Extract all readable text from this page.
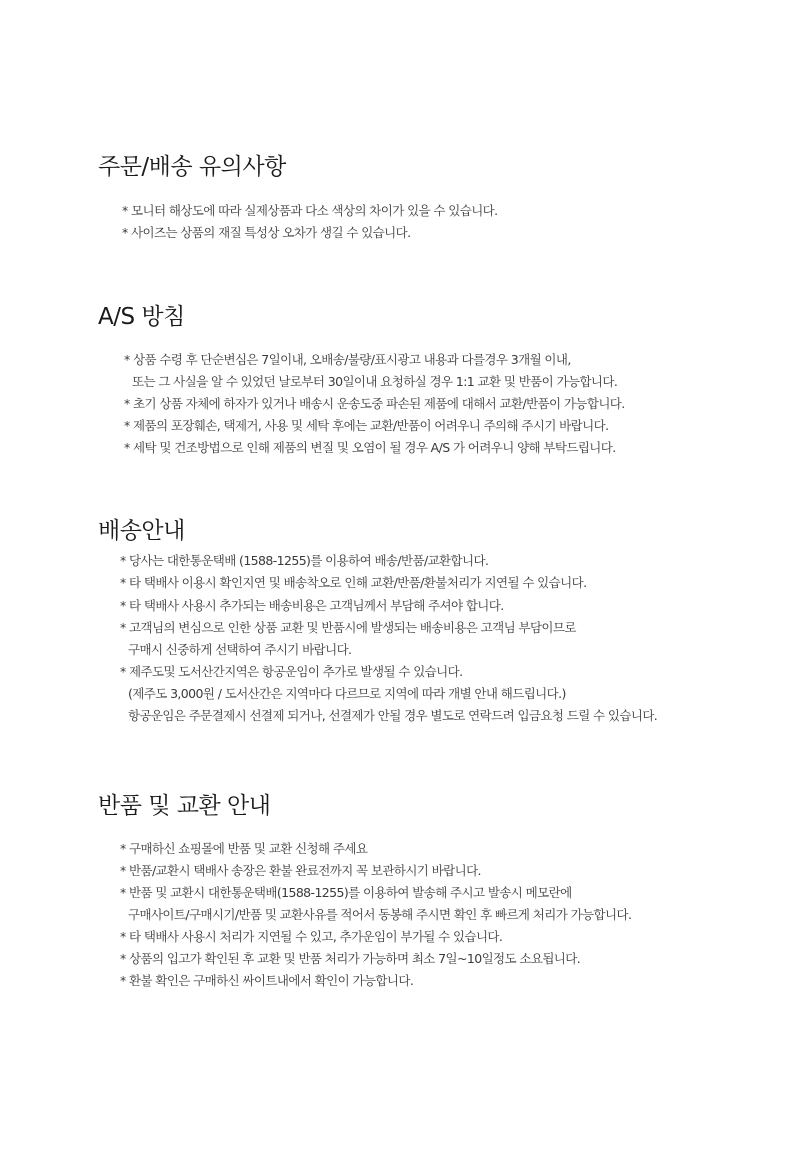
주문/배송 유의사항

* 모니터 해상도에 따라 실제상품과 다소 색상의 차이가 있을 수 있습니다.

* 사이즈는 상품의 재질 특성상 오차가 생길 수 있습니다.

A/S 방침

* 상품 수령 후 단순변심은 7일이내, 오배송/불량/표시광고 내용과 다를경우 3개월 이내,

또는 그 사실을 알 수 있었던 날로부터 30일이내 요청하실 경우 1:1 교환 및 반품이 가능합니다.

* 초기 상품 자체에 하자가 있거나 배송시 운송도중 파손된 제품에 대해서 교환/반품이 가능합니다.

* 제품의 포장훼손, 택제거, 사용 및 세탁 후에는 교환/반품이 어려우니 주의해 주시기 바랍니다.

* 세탁 및 건조방법으로 인해 제품의 변질 및 오염이 될 경우 A/S 가 어려우니 양해 부탁드립니다.

배송안내

* 당사는 대한통운택배 (1588-1255)를 이용하여 배송/반품/교환합니다.

* 타 택배사 이용시 확인지연 및 배송착오로 인해 교환/반품/환불처리가 지연될 수 있습니다.

* 타 택배사 사용시 추가되는 배송비용은 고객님께서 부담해 주셔야 합니다.

* 고객님의 변심으로 인한 상품 교환 및 반품시에 발생되는 배송비용은 고객님 부담이므로

구매시 신중하게 선택하여 주시기 바랍니다.

* 제주도및 도서산간지역은 항공운임이 추가로 발생될 수 있습니다.

(제주도 3,000원 / 도서산간은 지역마다 다르므로 지역에 따라 개별 안내 해드립니다.)

항공운임은 주문결제시 선결제 되거나, 선결제가 안될 경우 별도로 연락드려 입금요청 드릴 수 있습니다.

반품 및 교환 안내

* 구매하신 쇼핑몰에 반품 및 교환 신청해 주세요

* 반품/교환시 택배사 송장은 환불 완료전까지 꼭 보관하시기 바랍니다.

* 반품 및 교환시 대한통운택배(1588-1255)를 이용하여 발송해 주시고 발송시 메모란에

구매사이트/구매시기/반품 및 교환사유를 적어서 동봉해 주시면 확인 후 빠르게 처리가 가능합니다.

* 타 택배사 사용시 처리가 지연될 수 있고, 추가운임이 부가될 수 있습니다.

* 상품의 입고가 확인된 후 교환 및 반품 처리가 가능하며 최소 7일~10일정도 소요됩니다.

* 환불 확인은 구매하신 싸이트내에서 확인이 가능합니다.
